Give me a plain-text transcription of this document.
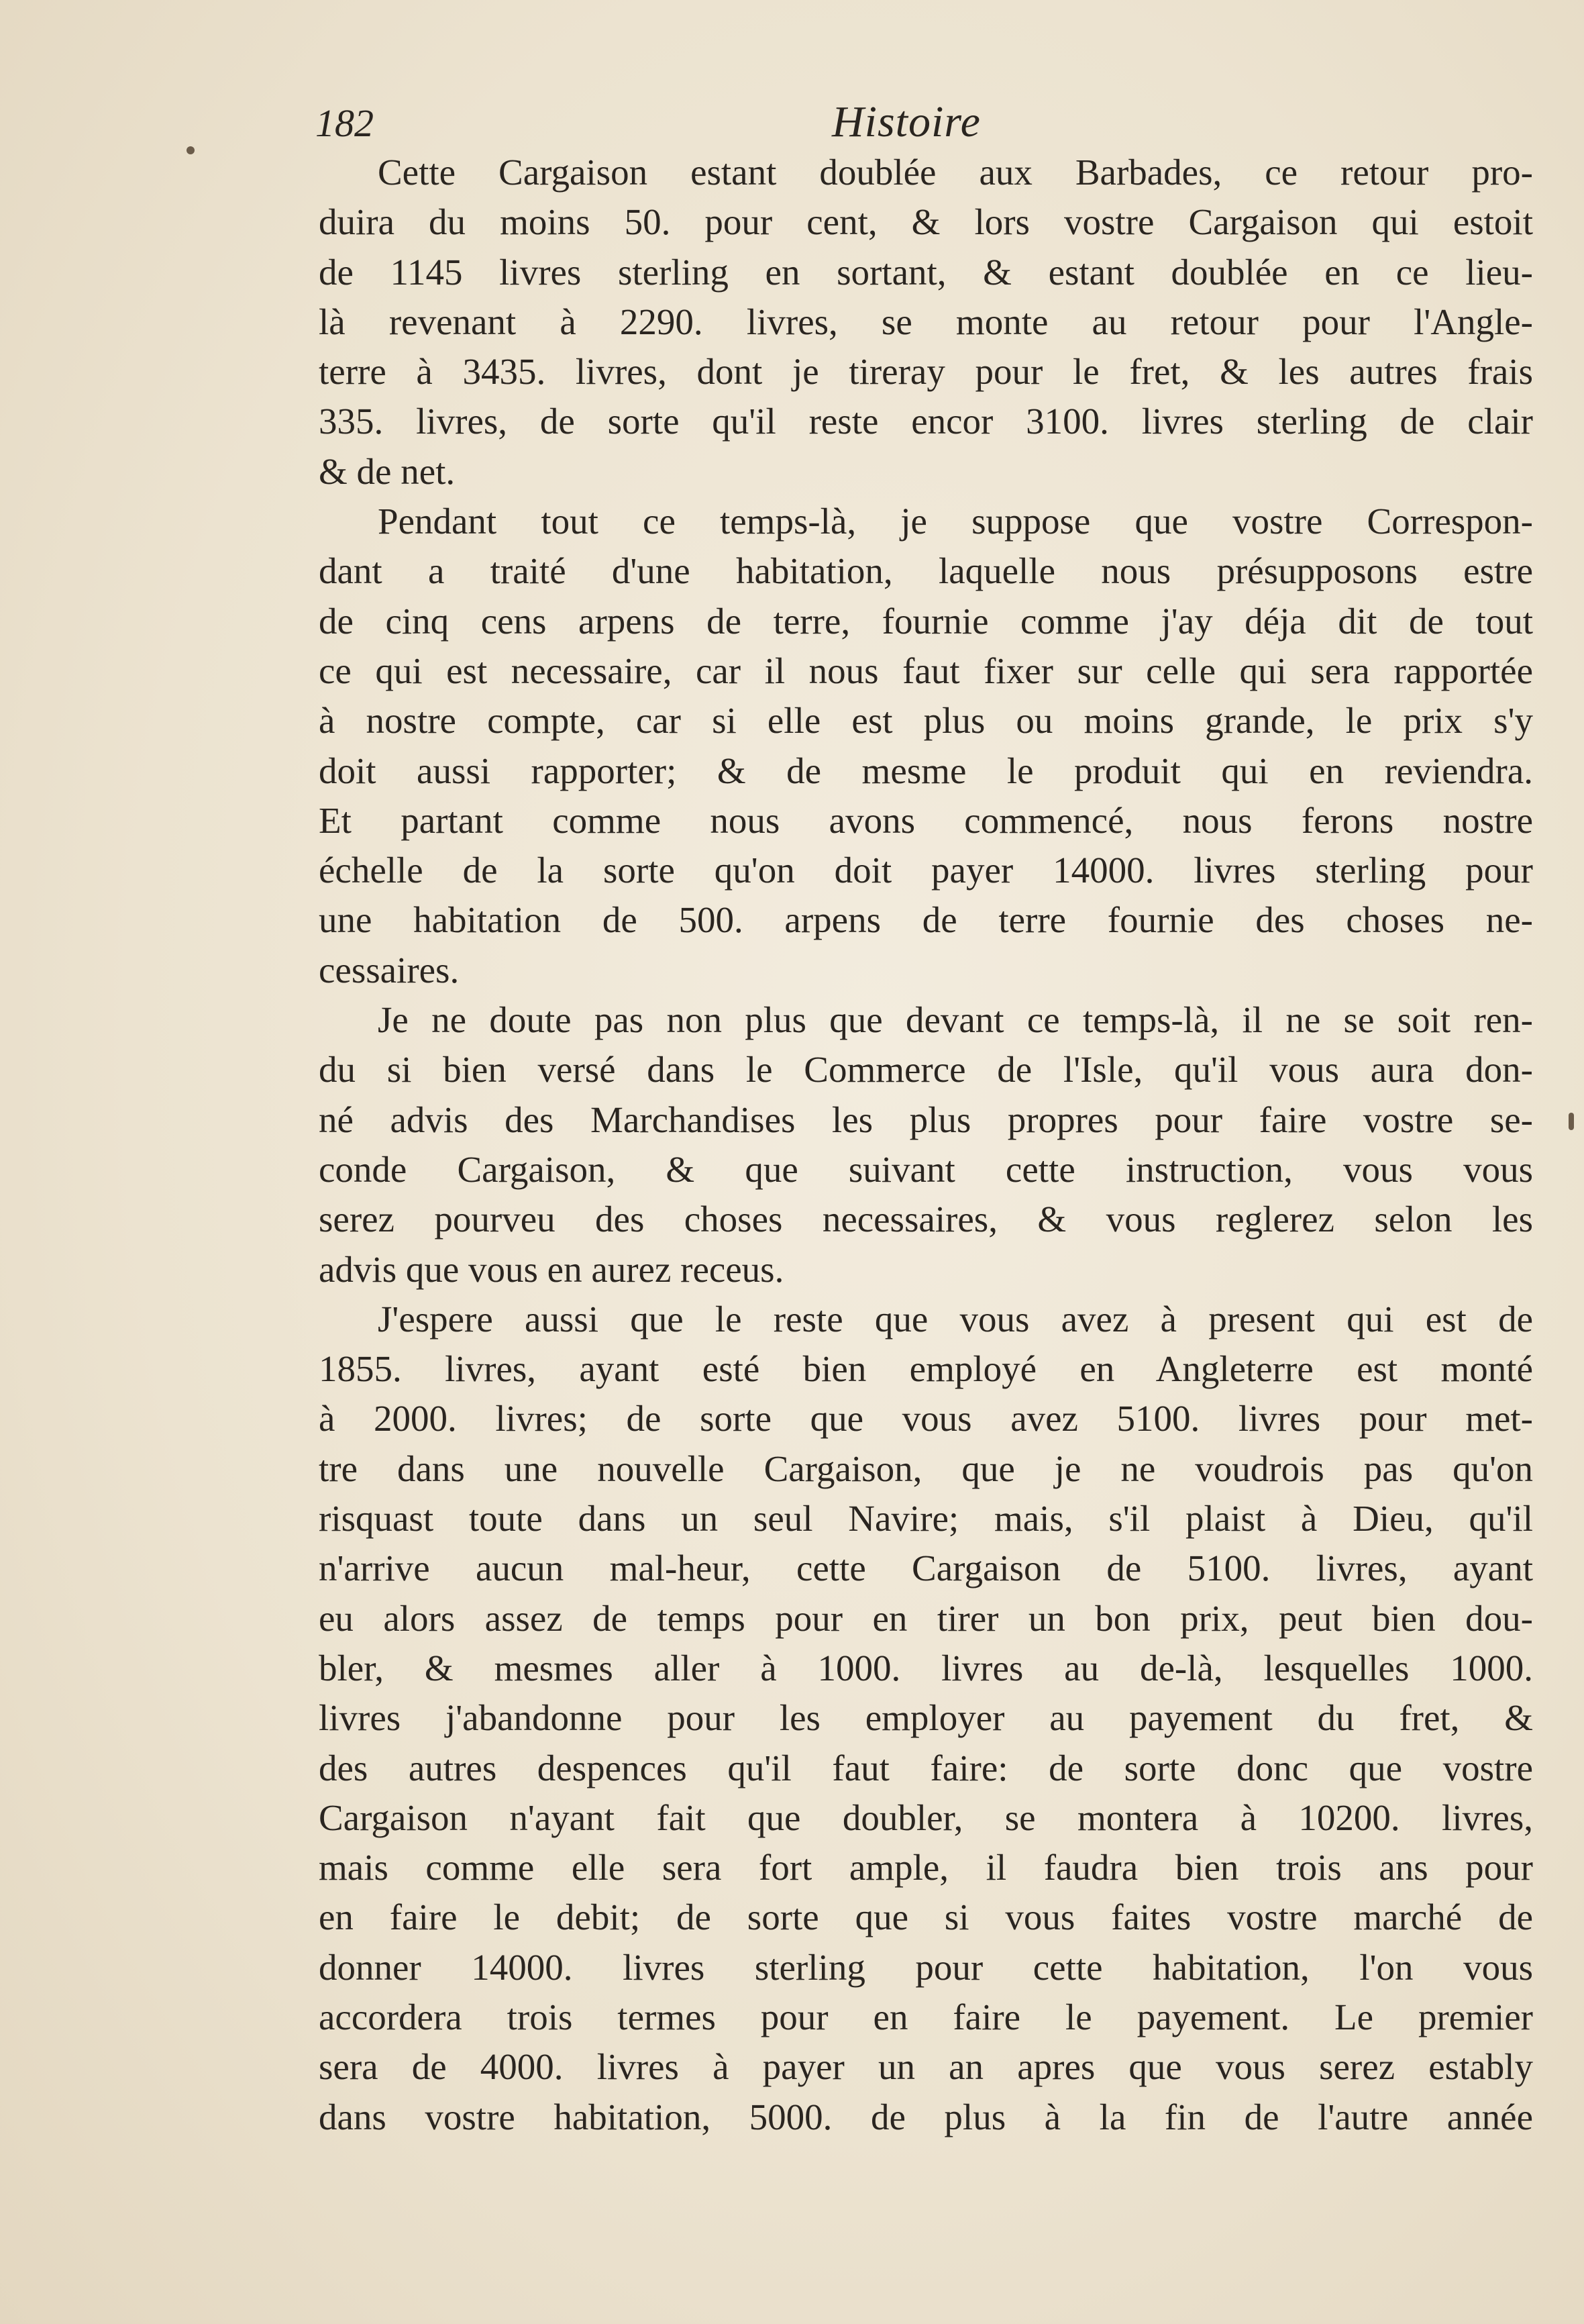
182	Histoire
Cette Cargaison estant doublée aux Barbades, ce retour pro-
duira du moins 50. pour cent, & lors vostre Cargaison qui estoit
de 1145 livres sterling en sortant, & estant doublée en ce lieu-
là revenant à 2290. livres, se monte au retour pour l'Angle-
terre à 3435. livres, dont je tireray pour le fret, & les autres frais
335. livres, de sorte qu'il reste encor 3100. livres sterling de clair
& de net.
Pendant tout ce temps-là, je suppose que vostre Correspon-
dant a traité d'une habitation, laquelle nous présupposons estre
de cinq cens arpens de terre, fournie comme j'ay déja dit de tout
ce qui est necessaire, car il nous faut fixer sur celle qui sera rapportée
à nostre compte, car si elle est plus ou moins grande, le prix s'y
doit aussi rapporter; & de mesme le produit qui en reviendra.
Et partant comme nous avons commencé, nous ferons nostre
échelle de la sorte qu'on doit payer 14000. livres sterling pour
une habitation de 500. arpens de terre fournie des choses ne-
cessaires.
Je ne doute pas non plus que devant ce temps-là, il ne se soit ren-
du si bien versé dans le Commerce de l'Isle, qu'il vous aura don-
né advis des Marchandises les plus propres pour faire vostre se-
conde Cargaison, & que suivant cette instruction, vous vous
serez pourveu des choses necessaires, & vous reglerez selon les
advis que vous en aurez receus.
J'espere aussi que le reste que vous avez à present qui est de
1855. livres, ayant esté bien employé en Angleterre est monté
à 2000. livres; de sorte que vous avez 5100. livres pour met-
tre dans une nouvelle Cargaison, que je ne voudrois pas qu'on
risquast toute dans un seul Navire; mais, s'il plaist à Dieu, qu'il
n'arrive aucun mal-heur, cette Cargaison de 5100. livres, ayant
eu alors assez de temps pour en tirer un bon prix, peut bien dou-
bler, & mesmes aller à 1000. livres au de-là, lesquelles 1000.
livres j'abandonne pour les employer au payement du fret, &
des autres despences qu'il faut faire: de sorte donc que vostre
Cargaison n'ayant fait que doubler, se montera à 10200. livres,
mais comme elle sera fort ample, il faudra bien trois ans pour
en faire le debit; de sorte que si vous faites vostre marché de
donner 14000. livres sterling pour cette habitation, l'on vous
accordera trois termes pour en faire le payement. Le premier
sera de 4000. livres à payer un an apres que vous serez estably
dans vostre habitation, 5000. de plus à la fin de l'autre année
